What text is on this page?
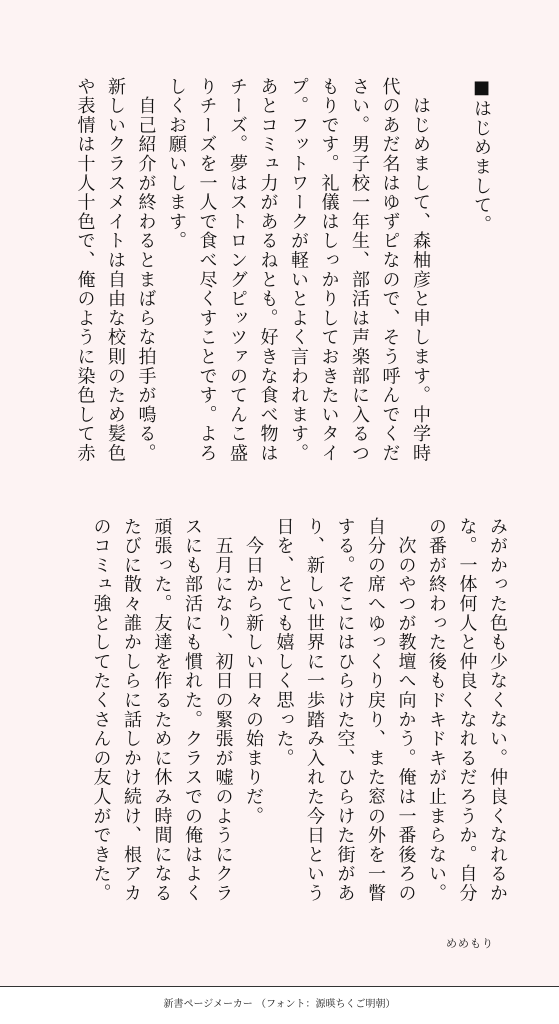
■はじめまして。

　はじめまして、森柚彦と申します。中学時
代のあだ名はゆずピなので、そう呼んでくだ
さい。男子校一年生、部活は声楽部に入るつ
もりです。礼儀はしっかりしておきたいタイ
プ。フットワークが軽いとよく言われます。
あとコミュ力があるねとも。好きな食べ物は
チーズ。夢はストロングピッツァのてんこ盛
りチーズを一人で食べ尽くすことです。よろ
しくお願いします。
　自己紹介が終わるとまばらな拍手が鳴る。
新しいクラスメイトは自由な校則のため髪色
や表情は十人十色で、俺のように染色して赤
みがかった色も少なくない。仲良くなれるか
な。一体何人と仲良くなれるだろうか。自分
の番が終わった後もドキドキが止まらない。
　次のやつが教壇へ向かう。俺は一番後ろの
自分の席へゆっくり戻り、また窓の外を一瞥
する。そこにはひらけた空、ひらけた街があ
り、新しい世界に一歩踏み入れた今日という
日を、とても嬉しく思った。
　今日から新しい日々の始まりだ。
　五月になり、初日の緊張が嘘のようにクラ
スにも部活にも慣れた。クラスでの俺はよく
頑張った。友達を作るために休み時間になる
たびに散々誰かしらに話しかけ続け、根アカ
のコミュ強としてたくさんの友人ができた。
めめもり
新書ページメーカー （フォント：源暎ちくご明朝）
